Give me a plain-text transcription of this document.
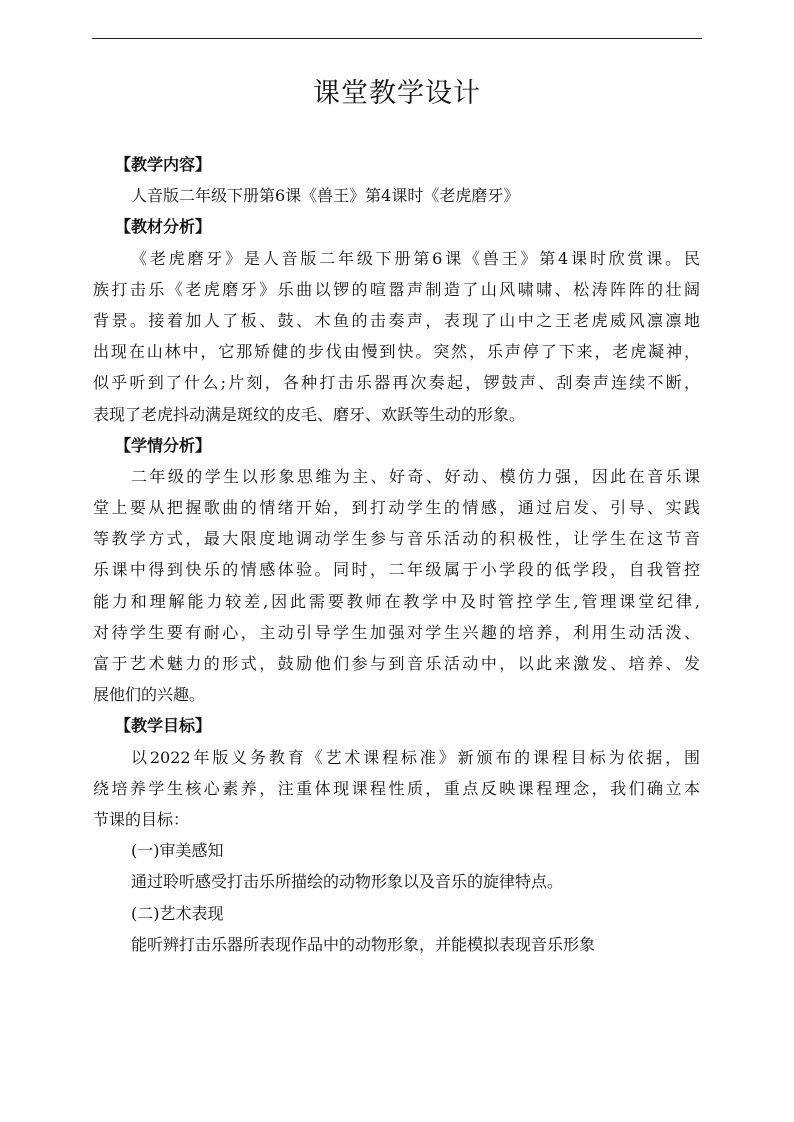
课堂教学设计
【教学内容】
人音版二年级下册第6课《兽王》第4课时《老虎磨牙》
【教材分析】
《老虎磨牙》是人音版二年级下册第6课《兽王》第4课时欣赏课。民
族打击乐《老虎磨牙》乐曲以锣的喧嚣声制造了山风啸啸、松涛阵阵的壮阔
背景。接着加人了板、鼓、木鱼的击奏声，表现了山中之王老虎威风凛凛地
出现在山林中，它那矫健的步伐由慢到快。突然，乐声停了下来，老虎凝神，
似乎听到了什么;片刻，各种打击乐器再次奏起，锣鼓声、刮奏声连续不断，
表现了老虎抖动满是斑纹的皮毛、磨牙、欢跃等生动的形象。
【学情分析】
二年级的学生以形象思维为主、好奇、好动、模仿力强，因此在音乐课
堂上要从把握歌曲的情绪开始，到打动学生的情感，通过启发、引导、实践
等教学方式，最大限度地调动学生参与音乐活动的积极性，让学生在这节音
乐课中得到快乐的情感体验。同时，二年级属于小学段的低学段，自我管控
能力和理解能力较差,因此需要教师在教学中及时管控学生,管理课堂纪律,
对待学生要有耐心，主动引导学生加强对学生兴趣的培养，利用生动活泼、
富于艺术魅力的形式，鼓励他们参与到音乐活动中，以此来激发、培养、发
展他们的兴趣。
【教学目标】
以2022年版义务教育《艺术课程标准》新颁布的课程目标为依据，围
绕培养学生核心素养，注重体现课程性质，重点反映课程理念，我们确立本
节课的目标：
(一)审美感知
通过聆听感受打击乐所描绘的动物形象以及音乐的旋律特点。
(二)艺术表现
能听辨打击乐器所表现作品中的动物形象，并能模拟表现音乐形象
